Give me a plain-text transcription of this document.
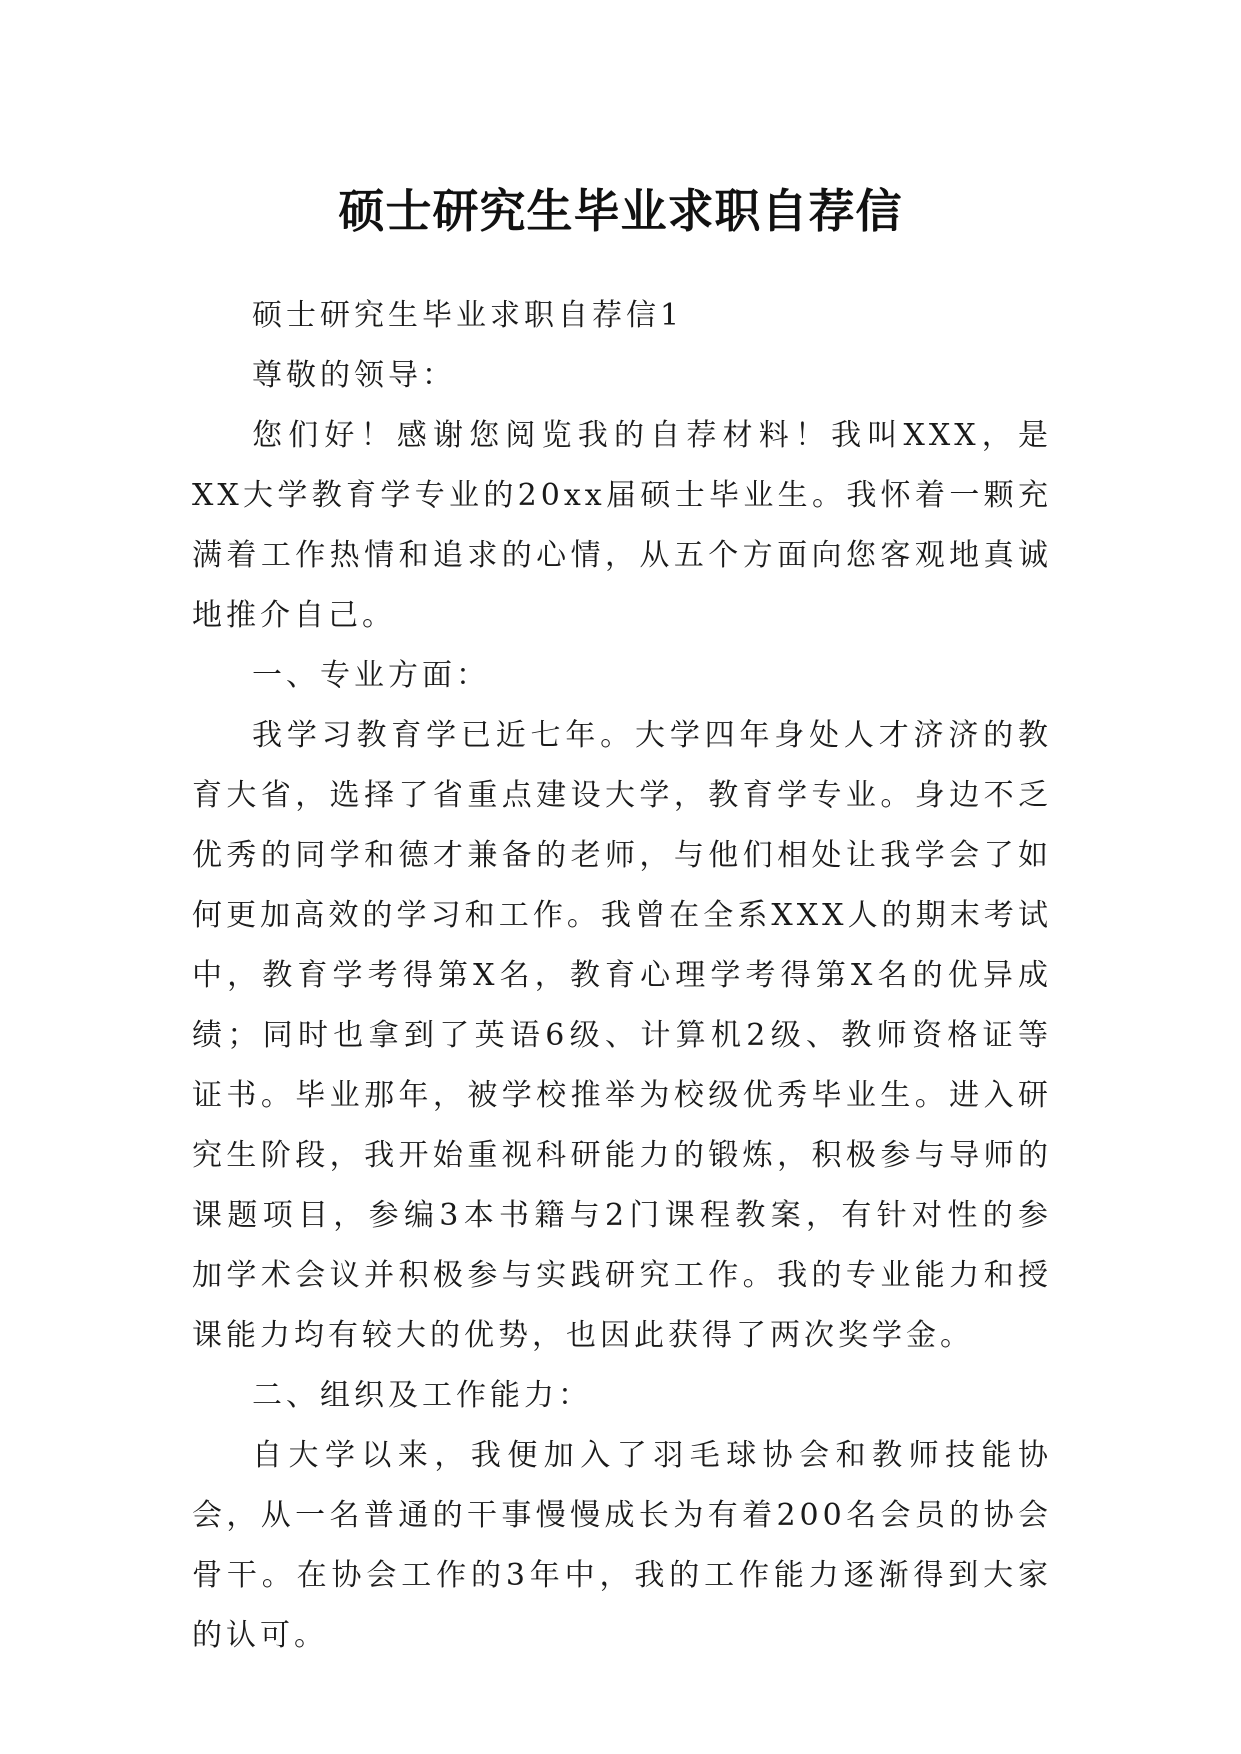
硕士研究生毕业求职自荐信

硕士研究生毕业求职自荐信1

尊敬的领导：

您们好！感谢您阅览我的自荐材料！我叫XXX，是XX大学教育学专业的20xx届硕士毕业生。我怀着一颗充满着工作热情和追求的心情，从五个方面向您客观地真诚地推介自己。

一、专业方面：

我学习教育学已近七年。大学四年身处人才济济的教育大省，选择了省重点建设大学，教育学专业。身边不乏优秀的同学和德才兼备的老师，与他们相处让我学会了如何更加高效的学习和工作。我曾在全系XXX人的期末考试中，教育学考得第X名，教育心理学考得第X名的优异成绩；同时也拿到了英语6级、计算机2级、教师资格证等证书。毕业那年，被学校推举为校级优秀毕业生。进入研究生阶段，我开始重视科研能力的锻炼，积极参与导师的课题项目，参编3本书籍与2门课程教案，有针对性的参加学术会议并积极参与实践研究工作。我的专业能力和授课能力均有较大的优势，也因此获得了两次奖学金。

二、组织及工作能力：

自大学以来，我便加入了羽毛球协会和教师技能协会，从一名普通的干事慢慢成长为有着200名会员的协会骨干。在协会工作的3年中，我的工作能力逐渐得到大家的认可。
